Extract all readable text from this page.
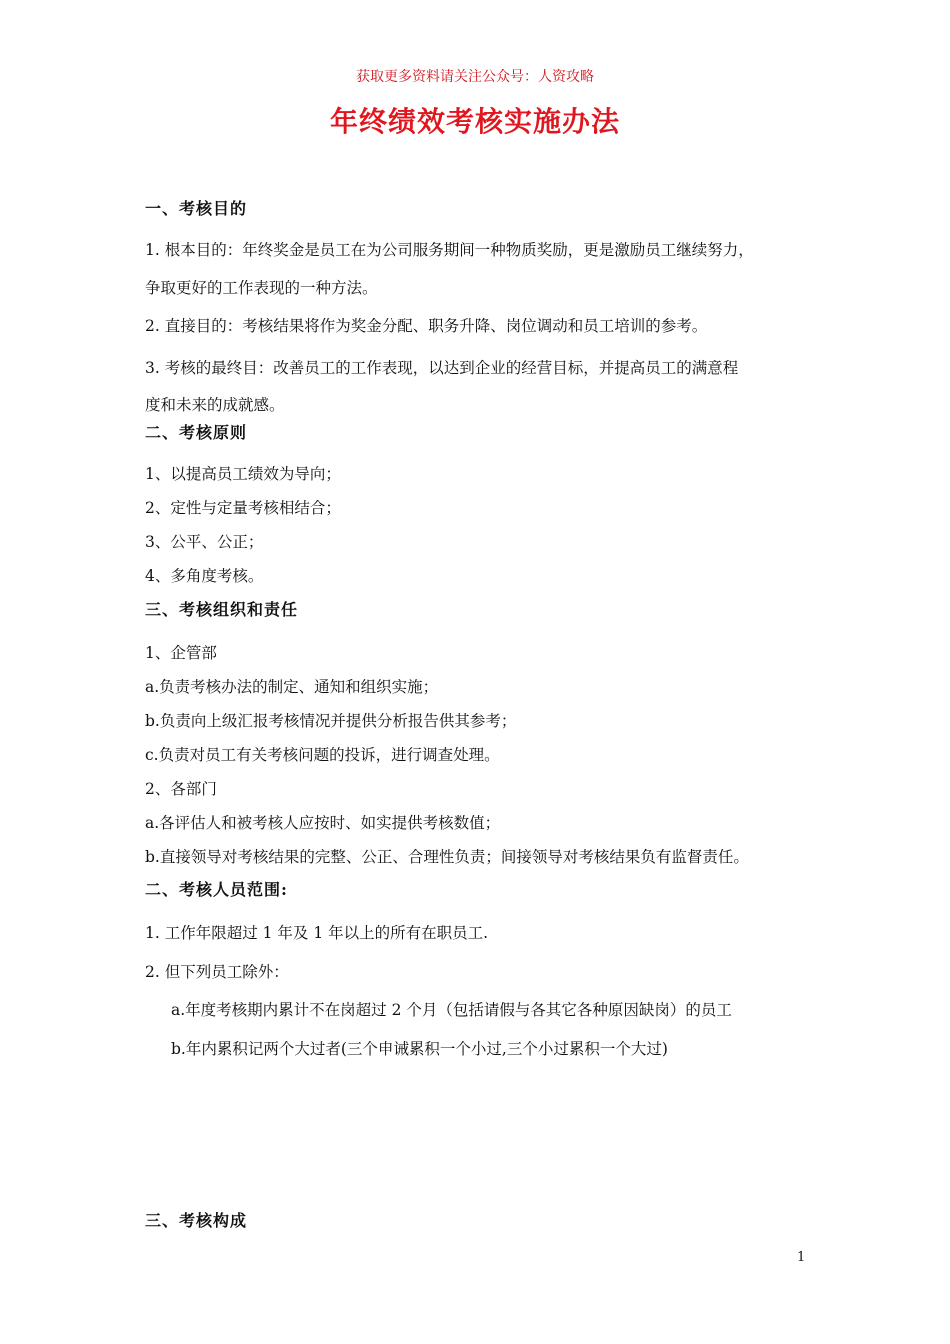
获取更多资料请关注公众号：人资攻略
年终绩效考核实施办法
一、考核目的
1. 根本目的：年终奖金是员工在为公司服务期间一种物质奖励，更是激励员工继续努力，
争取更好的工作表现的一种方法。
2. 直接目的：考核结果将作为奖金分配、职务升降、岗位调动和员工培训的参考。
3. 考核的最终目：改善员工的工作表现，以达到企业的经营目标，并提高员工的满意程
度和未来的成就感。
二、考核原则
1、以提高员工绩效为导向；
2、定性与定量考核相结合；
3、公平、公正；
4、多角度考核。
三、考核组织和责任
1、企管部
a.负责考核办法的制定、通知和组织实施；
b.负责向上级汇报考核情况并提供分析报告供其参考；
c.负责对员工有关考核问题的投诉，进行调查处理。
2、各部门
a.各评估人和被考核人应按时、如实提供考核数值；
b.直接领导对考核结果的完整、公正、合理性负责；间接领导对考核结果负有监督责任。
二、考核人员范围:
1. 工作年限超过 1 年及 1 年以上的所有在职员工.
2. 但下列员工除外：
a.年度考核期内累计不在岗超过 2 个月（包括请假与各其它各种原因缺岗）的员工
b.年内累积记两个大过者(三个申诫累积一个小过,三个小过累积一个大过)
三、考核构成
1
